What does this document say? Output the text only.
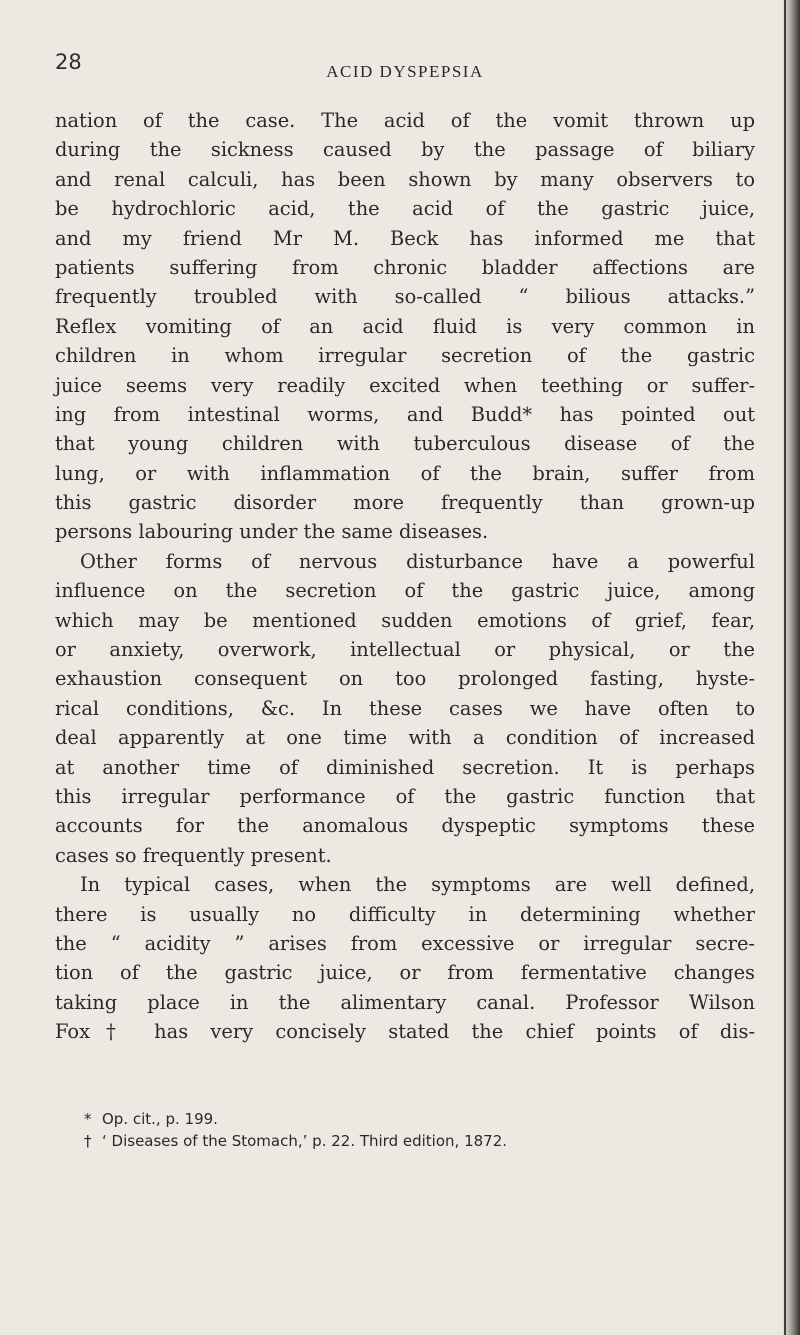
28	ACID DYSPEPSIA
nation of the case. The acid of the vomit thrown up
during the sickness caused by the passage of biliary
and renal calculi, has been shown by many observers to
be hydrochloric acid, the acid of the gastric juice,
and my friend Mr M. Beck has informed me that
patients suffering from chronic bladder affections are
frequently troubled with so-called “ bilious attacks.”
Reflex vomiting of an acid fluid is very common in
children in whom irregular secretion of the gastric
juice seems very readily excited when teething or suffer-
ing from intestinal worms, and Budd* has pointed out
that young children with tuberculous disease of the
lung, or with inflammation of the brain, suffer from
this gastric disorder more frequently than grown-up
persons labouring under the same diseases.
Other forms of nervous disturbance have a powerful
influence on the secretion of the gastric juice, among
which may be mentioned sudden emotions of grief, fear,
or anxiety, overwork, intellectual or physical, or the
exhaustion consequent on too prolonged fasting, hyste-
rical conditions, &c. In these cases we have often to
deal apparently at one time with a condition of increased
at another time of diminished secretion. It is perhaps
this irregular performance of the gastric function that
accounts for the anomalous dyspeptic symptoms these
cases so frequently present.
In typical cases, when the symptoms are well defined,
there is usually no difficulty in determining whether
the “ acidity ” arises from excessive or irregular secre-
tion of the gastric juice, or from fermentative changes
taking place in the alimentary canal. Professor Wilson
Fox† has very concisely stated the chief points of dis-
* Op. cit., p. 199.
† ‘ Diseases of the Stomach,’ p. 22. Third edition, 1872.
